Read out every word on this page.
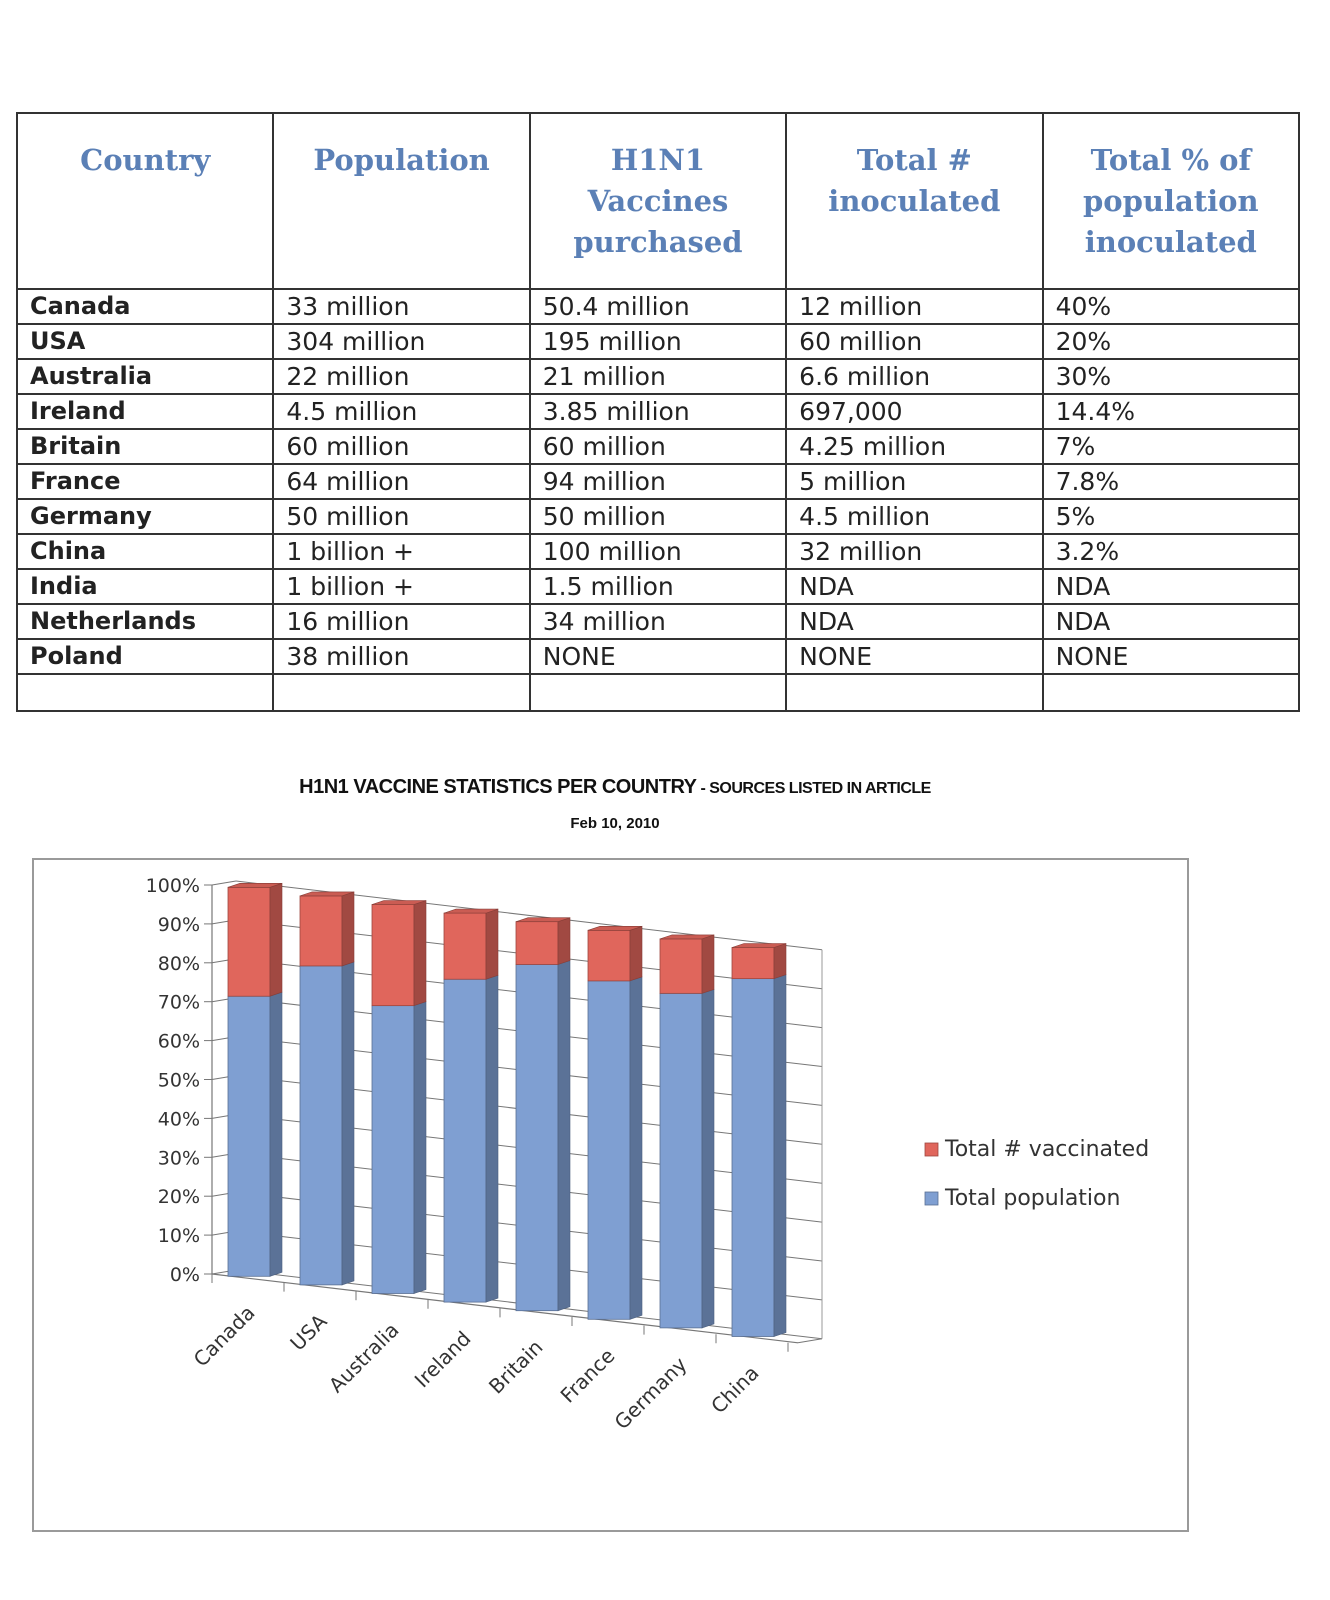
Country	Population	H1N1 Vaccines purchased	Total # inoculated	Total % of population inoculated
Canada	33 million	50.4 million	12 million	40%
USA	304 million	195 million	60 million	20%
Australia	22 million	21 million	6.6 million	30%
Ireland	4.5 million	3.85 million	697,000	14.4%
Britain	60 million	60 million	4.25 million	7%
France	64 million	94 million	5 million	7.8%
Germany	50 million	50 million	4.5 million	5%
China	1 billion +	100 million	32 million	3.2%
India	1 billion +	1.5 million	NDA	NDA
Netherlands	16 million	34 million	NDA	NDA
Poland	38 million	NONE	NONE	NONE

H1N1 VACCINE STATISTICS PER COUNTRY - SOURCES LISTED IN ARTICLE
Feb 10, 2010
0%
10%
20%
30%
40%
50%
60%
70%
80%
90%
100%
Canada USA
Australia Ireland Britain France
Germany China
Total # vaccinated
Total population
